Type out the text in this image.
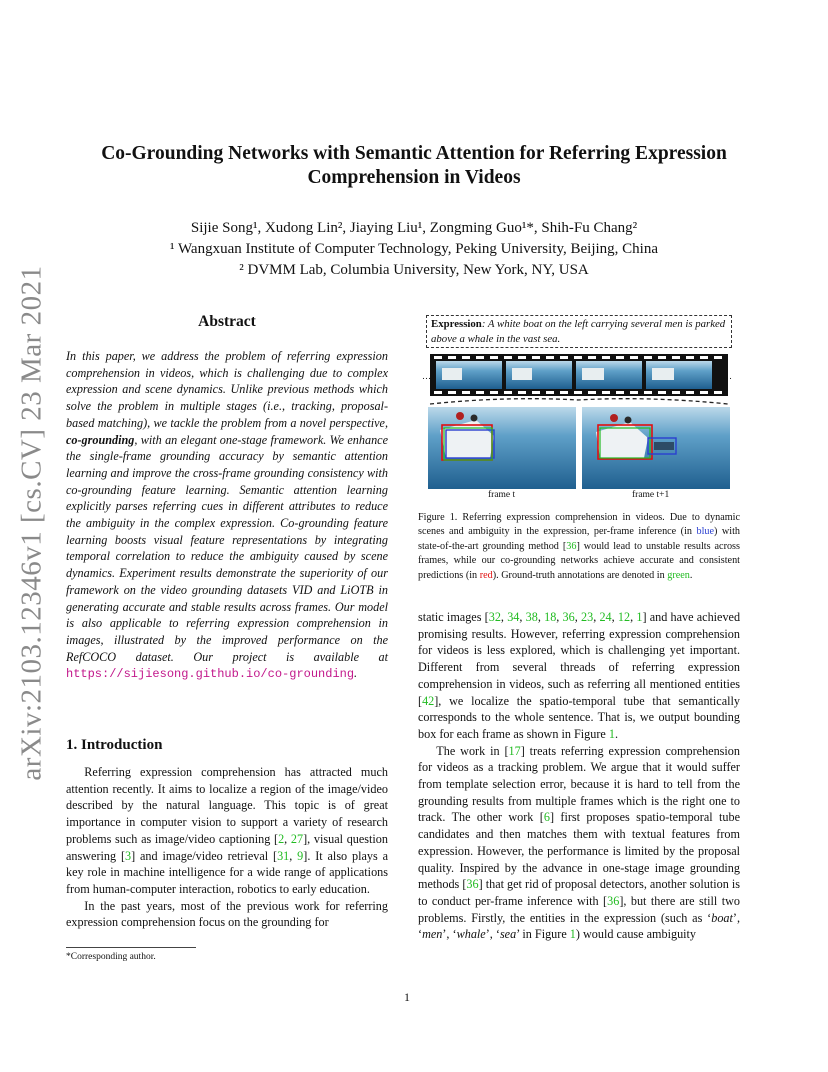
arXiv:2103.12346v1 [cs.CV] 23 Mar 2021
Co-Grounding Networks with Semantic Attention for Referring Expression
Comprehension in Videos
Sijie Song¹, Xudong Lin², Jiaying Liu¹, Zongming Guo¹*, Shih-Fu Chang²
¹ Wangxuan Institute of Computer Technology, Peking University, Beijing, China
² DVMM Lab, Columbia University, New York, NY, USA
Abstract
In this paper, we address the problem of referring expression comprehension in videos, which is challenging due to complex expression and scene dynamics. Unlike previous methods which solve the problem in multiple stages (i.e., tracking, proposal-based matching), we tackle the problem from a novel perspective, co-grounding, with an elegant one-stage framework. We enhance the single-frame grounding accuracy by semantic attention learning and improve the cross-frame grounding consistency with co-grounding feature learning. Semantic attention learning explicitly parses referring cues in different attributes to reduce the ambiguity in the complex expression. Co-grounding feature learning boosts visual feature representations by integrating temporal correlation to reduce the ambiguity caused by scene dynamics. Experiment results demonstrate the superiority of our framework on the video grounding datasets VID and LiOTB in generating accurate and stable results across frames. Our model is also applicable to referring expression comprehension in images, illustrated by the improved performance on the RefCOCO dataset. Our project is available at https://sijiesong.github.io/co-grounding.
1. Introduction

Referring expression comprehension has attracted much attention recently. It aims to localize a region of the image/video described by the natural language. This topic is of great importance in computer vision to support a variety of research problems such as image/video captioning [2, 27], visual question answering [3] and image/video retrieval [31, 9]. It also plays a key role in machine intelligence for a wide range of applications from human-computer interaction, robotics to early education.

In the past years, most of the previous work for referring expression comprehension focus on the grounding for

*Corresponding author.
Expression: A white boat on the left carrying several men is parked above a whale in the vast sea.
…	…
frame t	frame t+1
Figure 1. Referring expression comprehension in videos. Due to dynamic scenes and ambiguity in the expression, per-frame inference (in blue) with state-of-the-art grounding method [36] would lead to unstable results across frames, while our co-grounding networks achieve accurate and consistent predictions (in red). Ground-truth annotations are denoted in green.

static images [32, 34, 38, 18, 36, 23, 24, 12, 1] and have achieved promising results. However, referring expression comprehension for videos is less explored, which is challenging yet important. Different from several threads of referring expression comprehension in videos, such as referring all mentioned entities [42], we localize the spatio-temporal tube that semantically corresponds to the whole sentence. That is, we output bounding box for each frame as shown in Figure 1.

The work in [17] treats referring expression comprehension for videos as a tracking problem. We argue that it would suffer from template selection error, because it is hard to tell from the grounding results from multiple frames which is the right one to track. The other work [6] first proposes spatio-temporal tube candidates and then matches them with textual features from expression. However, the performance is limited by the proposal quality. Inspired by the advance in one-stage image grounding methods [36] that get rid of proposal detectors, another solution is to conduct per-frame inference with [36], but there are still two problems. Firstly, the entities in the expression (such as ‘boat’, ‘men’, ‘whale’, ‘sea’ in Figure 1) would cause ambiguity

1
